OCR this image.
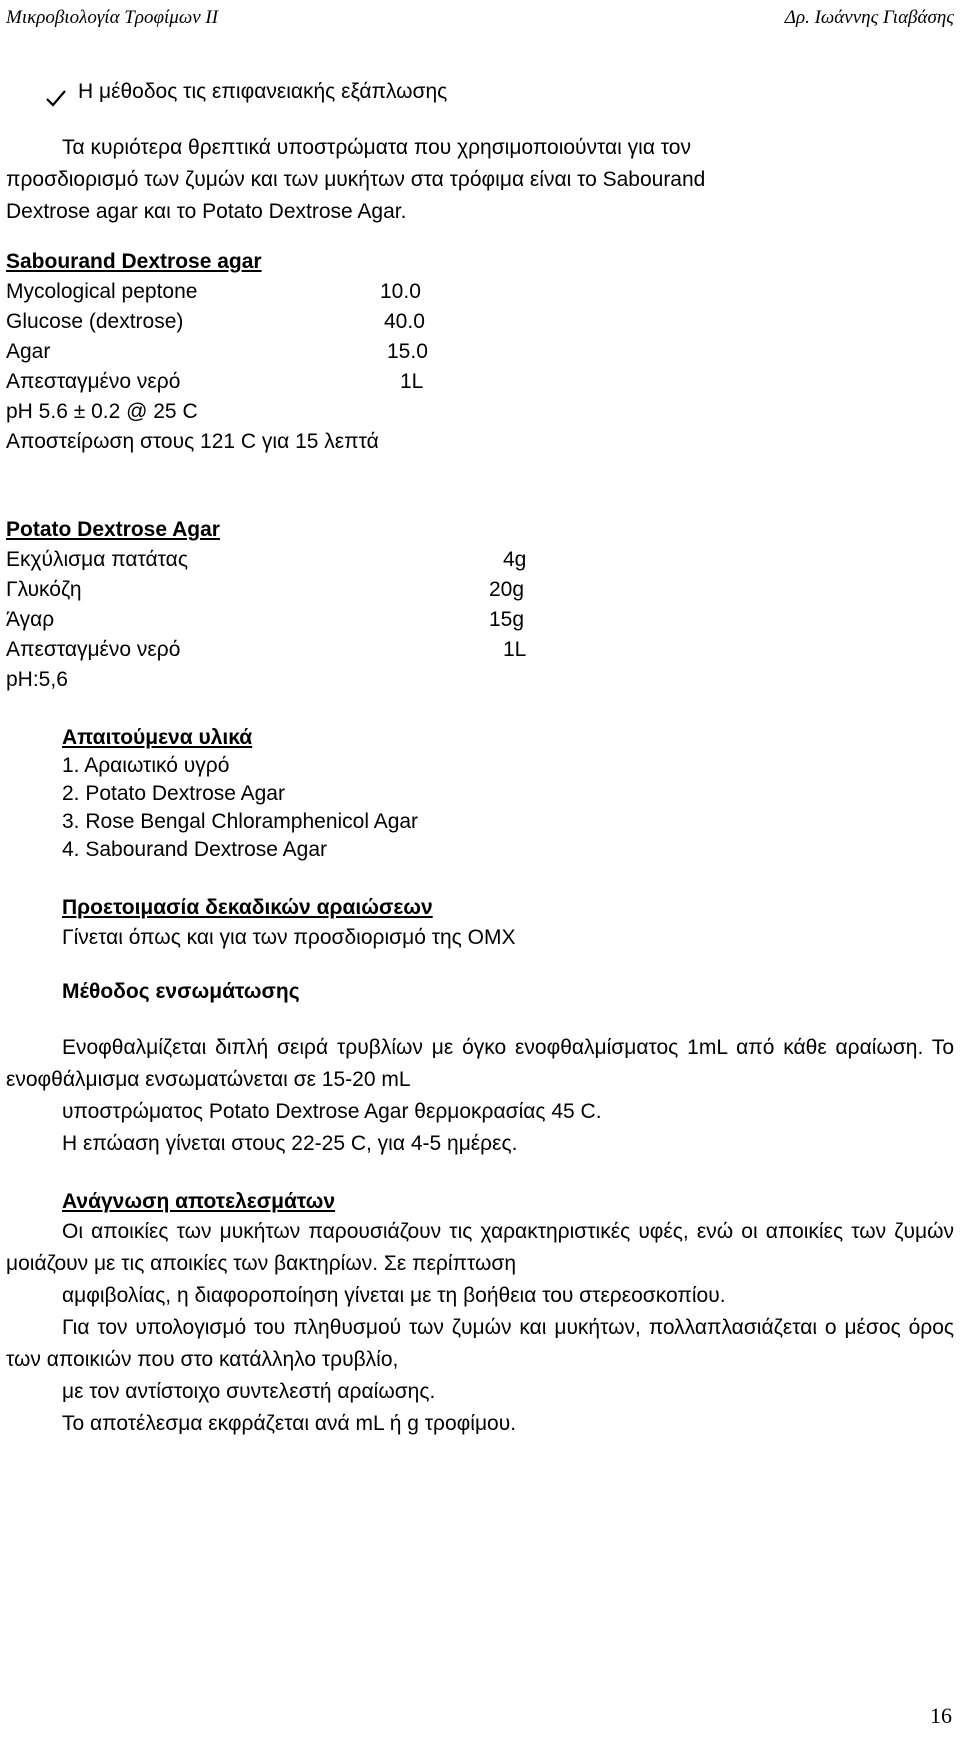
Μικροβιολογία Τροφίμων ΙΙ	Δρ. Ιωάννης Γιαβάσης
Η μέθοδος τις επιφανειακής εξάπλωσης
Τα κυριότερα θρεπτικά υποστρώματα που χρησιμοποιούνται για τον
προσδιορισμό των ζυμών και των μυκήτων στα τρόφιμα είναι το Sabourand
Dextrose agar και το Potato Dextrose Agar.
Sabourand Dextrose agar
Mycological peptone	10.0
Glucose (dextrose)	40.0
Agar	15.0
Απεσταγμένο νερό	1L
pH 5.6 ± 0.2 @ 25 C
Αποστείρωση στους 121 C για 15 λεπτά
Potato Dextrose Agar
Εκχύλισμα πατάτας	4g
Γλυκόζη	20g
Άγαρ	15g
Απεσταγμένο νερό	1L
pH:5,6
Απαιτούμενα υλικά
1. Αραιωτικό υγρό
2. Potato Dextrose Agar
3. Rose Bengal Chloramphenicol Agar
4. Sabourand Dextrose Agar
Προετοιμασία δεκαδικών αραιώσεων
Γίνεται όπως και για των προσδιορισμό της ΟΜΧ
Μέθοδος ενσωμάτωσης
Ενοφθαλμίζεται διπλή σειρά τρυβλίων με όγκο ενοφθαλμίσματος 1mL από κάθε αραίωση. Το ενοφθάλμισμα ενσωματώνεται σε 15-20 mL
υποστρώματος Potato Dextrose Agar θερμοκρασίας 45 C.
Η επώαση γίνεται στους 22-25 C, για 4-5 ημέρες.
Ανάγνωση αποτελεσμάτων
Οι αποικίες των μυκήτων παρουσιάζουν τις χαρακτηριστικές υφές, ενώ οι αποικίες των ζυμών μοιάζουν με τις αποικίες των βακτηρίων. Σε περίπτωση
αμφιβολίας, η διαφοροποίηση γίνεται με τη βοήθεια του στερεοσκοπίου.
Για τον υπολογισμό του πληθυσμού των ζυμών και μυκήτων, πολλαπλασιάζεται ο μέσος όρος των αποικιών που στο κατάλληλο τρυβλίο,
με τον αντίστοιχο συντελεστή αραίωσης.
Το αποτέλεσμα εκφράζεται ανά mL ή g τροφίμου.
16
